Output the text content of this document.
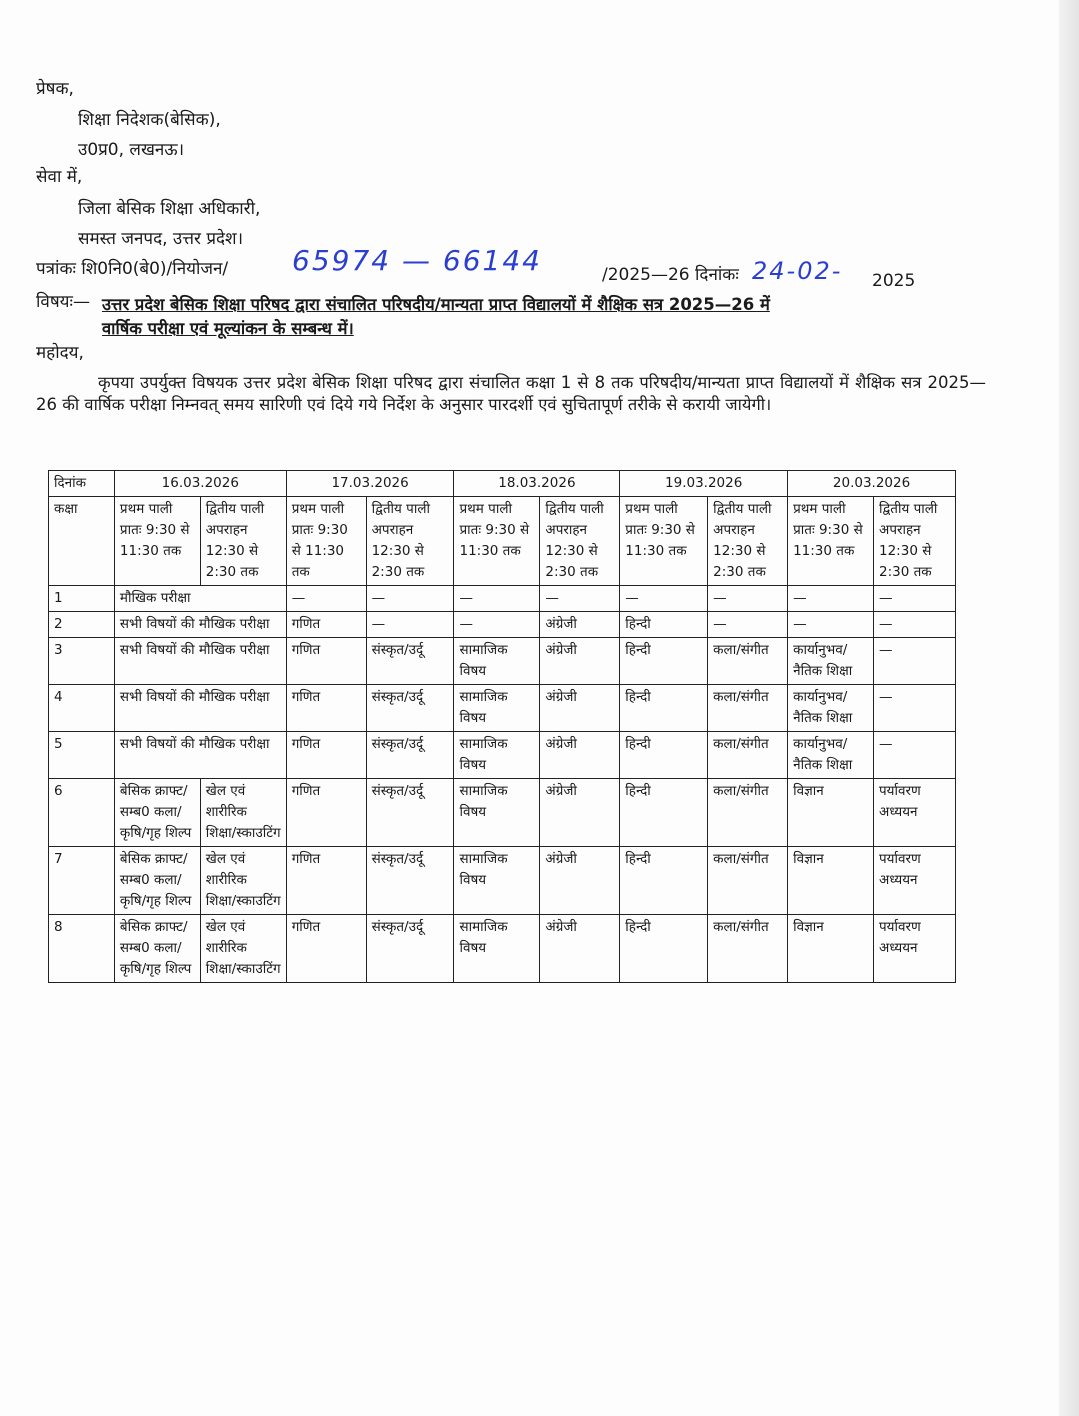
प्रेषक,
शिक्षा निदेशक(बेसिक),
उ0प्र0, लखनऊ।
सेवा में,
जिला बेसिक शिक्षा अधिकारी,
समस्त जनपद, उत्तर प्रदेश।
पत्रांकः शि0नि0(बे0)/नियोजन/ 65974 — 66144	/2025—26 दिनांकः 24-02- 2025
विषयः— उत्तर प्रदेश बेसिक शिक्षा परिषद द्वारा संचालित परिषदीय/मान्यता प्राप्त विद्यालयों में शैक्षिक सत्र 2025—26 में
वार्षिक परीक्षा एवं मूल्यांकन के सम्बन्ध में।
महोदय,
कृपया उपर्युक्त विषयक उत्तर प्रदेश बेसिक शिक्षा परिषद द्वारा संचालित कक्षा 1 से 8 तक परिषदीय/मान्यता प्राप्त विद्यालयों में शैक्षिक सत्र 2025—26 की वार्षिक परीक्षा निम्नवत् समय सारिणी एवं दिये गये निर्देश के अनुसार पारदर्शी एवं सुचितापूर्ण तरीके से करायी जायेगी।
दिनांक	16.03.2026		17.03.2026		18.03.2026		19.03.2026		20.03.2026	
कक्षा	प्रथम पाली प्रातः 9:30 से 11:30 तक	द्वितीय पाली अपराहन 12:30 से 2:30 तक	प्रथम पाली प्रातः 9:30 से 11:30 तक	द्वितीय पाली अपराहन 12:30 से 2:30 तक	प्रथम पाली प्रातः 9:30 से 11:30 तक	द्वितीय पाली अपराहन 12:30 से 2:30 तक	प्रथम पाली प्रातः 9:30 से 11:30 तक	द्वितीय पाली अपराहन 12:30 से 2:30 तक	प्रथम पाली प्रातः 9:30 से 11:30 तक	द्वितीय पाली अपराहन 12:30 से 2:30 तक
1	मौखिक परीक्षा		—	—	—	—	—	—	—	—
2	सभी विषयों की मौखिक परीक्षा		गणित	—	—	अंग्रेजी	हिन्दी	—	—	—
3	सभी विषयों की मौखिक परीक्षा		गणित	संस्कृत/उर्दू	सामाजिक विषय	अंग्रेजी	हिन्दी	कला/संगीत	कार्यानुभव/नैतिक शिक्षा	—
4	सभी विषयों की मौखिक परीक्षा		गणित	संस्कृत/उर्दू	सामाजिक विषय	अंग्रेजी	हिन्दी	कला/संगीत	कार्यानुभव/नैतिक शिक्षा	—
5	सभी विषयों की मौखिक परीक्षा		गणित	संस्कृत/उर्दू	सामाजिक विषय	अंग्रेजी	हिन्दी	कला/संगीत	कार्यानुभव/नैतिक शिक्षा	—
6	बेसिक क्राफ्ट/सम्ब0 कला/कृषि/गृह शिल्प	खेल एवं शारीरिक शिक्षा/स्काउटिंग	गणित	संस्कृत/उर्दू	सामाजिक विषय	अंग्रेजी	हिन्दी	कला/संगीत	विज्ञान	पर्यावरण अध्ययन
7	बेसिक क्राफ्ट/सम्ब0 कला/कृषि/गृह शिल्प	खेल एवं शारीरिक शिक्षा/स्काउटिंग	गणित	संस्कृत/उर्दू	सामाजिक विषय	अंग्रेजी	हिन्दी	कला/संगीत	विज्ञान	पर्यावरण अध्ययन
8	बेसिक क्राफ्ट/सम्ब0 कला/कृषि/गृह शिल्प	खेल एवं शारीरिक शिक्षा/स्काउटिंग	गणित	संस्कृत/उर्दू	सामाजिक विषय	अंग्रेजी	हिन्दी	कला/संगीत	विज्ञान	पर्यावरण अध्ययन
